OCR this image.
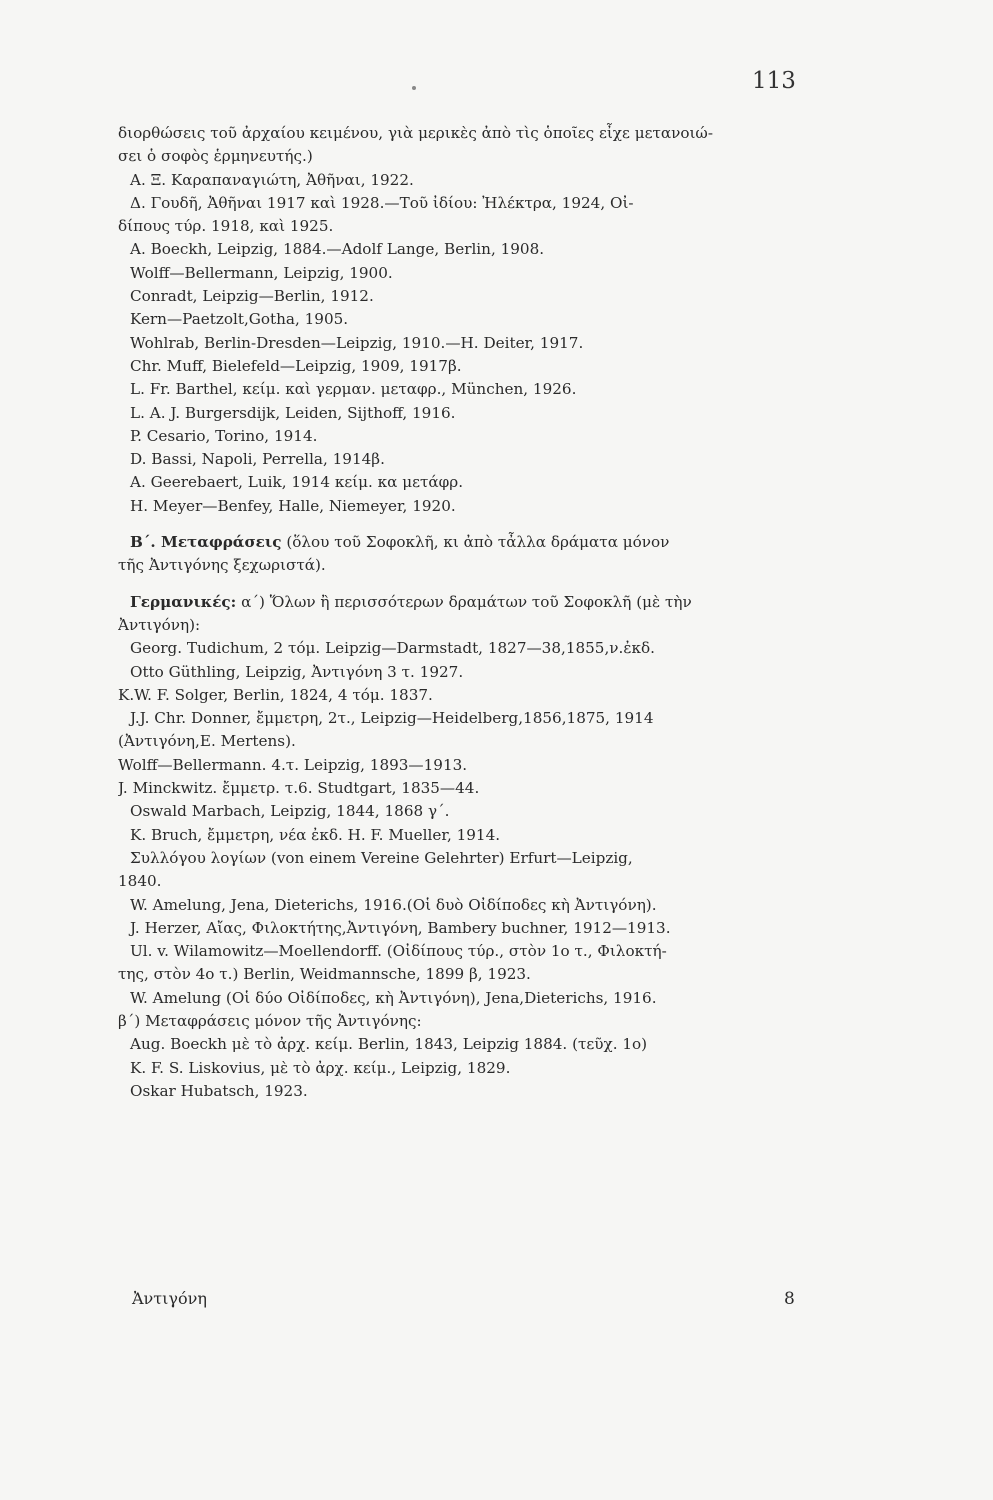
113
διορθώσεις τοῦ ἀρχαίου κειμένου, γιὰ μερικὲς ἀπὸ τὶς ὁποῖες εἶχε μετανοιώ-
σει ὁ σοφὸς ἑρμηνευτής.)
Α. Ξ. Καραπαναγιώτη, Ἀθῆναι, 1922.
Δ. Γουδῆ, Ἀθῆναι 1917 καὶ 1928.—Τοῦ ἰδίου: Ἠλέκτρα, 1924, Οἰ-
δίπους τύρ. 1918, καὶ 1925.
A. Boeckh, Leipzig, 1884.—Adolf Lange, Berlin, 1908.
Wolff—Bellermann, Leipzig, 1900.
Conradt, Leipzig—Berlin, 1912.
Kern—Paetzolt,Gotha, 1905.
Wohlrab, Berlin-Dresden—Leipzig, 1910.—H. Deiter, 1917.
Chr. Muff, Bielefeld—Leipzig, 1909, 1917β.
L. Fr. Barthel, κείμ. καὶ γερμαν. μεταφρ., München, 1926.
L. A. J. Burgersdijk, Leiden, Sijthoff, 1916.
P. Cesario, Torino, 1914.
D. Bassi, Napoli, Perrella, 1914β.
A. Geerebaert, Luik, 1914 κείμ. κα μετάφρ.
H. Meyer—Benfey, Halle, Niemeyer, 1920.
Β΄. Μεταφράσεις (ὅλου τοῦ Σοφοκλῆ, κι ἀπὸ τἆλλα δράματα μόνον
τῆς Ἀντιγόνης ξεχωριστά).
Γερμανικές: α΄) Ὅλων ἢ περισσότερων δραμάτων τοῦ Σοφοκλῆ (μὲ τὴν
Ἀντιγόνη):
Georg. Tudichum, 2 τόμ. Leipzig—Darmstadt, 1827—38,1855,ν.ἐκδ.
Otto Güthling, Leipzig, Ἀντιγόνη 3 τ. 1927.
K.W. F. Solger, Berlin, 1824, 4 τόμ. 1837.
J.J. Chr. Donner, ἔμμετρη, 2τ., Leipzig—Heidelberg,1856,1875, 1914
(Ἀντιγόνη,E. Mertens).
Wolff—Bellermann. 4.τ. Leipzig, 1893—1913.
J. Minckwitz. ἔμμετρ. τ.6. Studtgart, 1835—44.
Oswald Marbach, Leipzig, 1844, 1868 γ΄.
K. Bruch, ἔμμετρη, νέα ἐκδ. H. F. Mueller, 1914.
Συλλόγου λογίων (von einem Vereine Gelehrter) Erfurt—Leipzig,
1840.
W. Amelung, Jena, Dieterichs, 1916.(Οἱ δυὸ Οἰδίποδες κὴ Ἀντιγόνη).
J. Herzer, Αἴας, Φιλοκτήτης,Ἀντιγόνη, Bambery buchner, 1912—1913.
Ul. v. Wilamowitz—Moellendorff. (Οἰδίπους τύρ., στὸν 1ο τ., Φιλοκτή-
της, στὸν 4ο τ.) Berlin, Weidmannsche, 1899 β, 1923.
W. Amelung (Οἱ δύο Οἰδίποδες, κὴ Ἀντιγόνη), Jena,Dieterichs, 1916.
β΄) Μεταφράσεις μόνον τῆς Ἀντιγόνης:
Aug. Boeckh μὲ τὸ ἀρχ. κείμ. Berlin, 1843, Leipzig 1884. (τεῦχ. 1ο)
K. F. S. Liskovius, μὲ τὸ ἀρχ. κείμ., Leipzig, 1829.
Oskar Hubatsch, 1923.
Ἀντιγόνη	8
